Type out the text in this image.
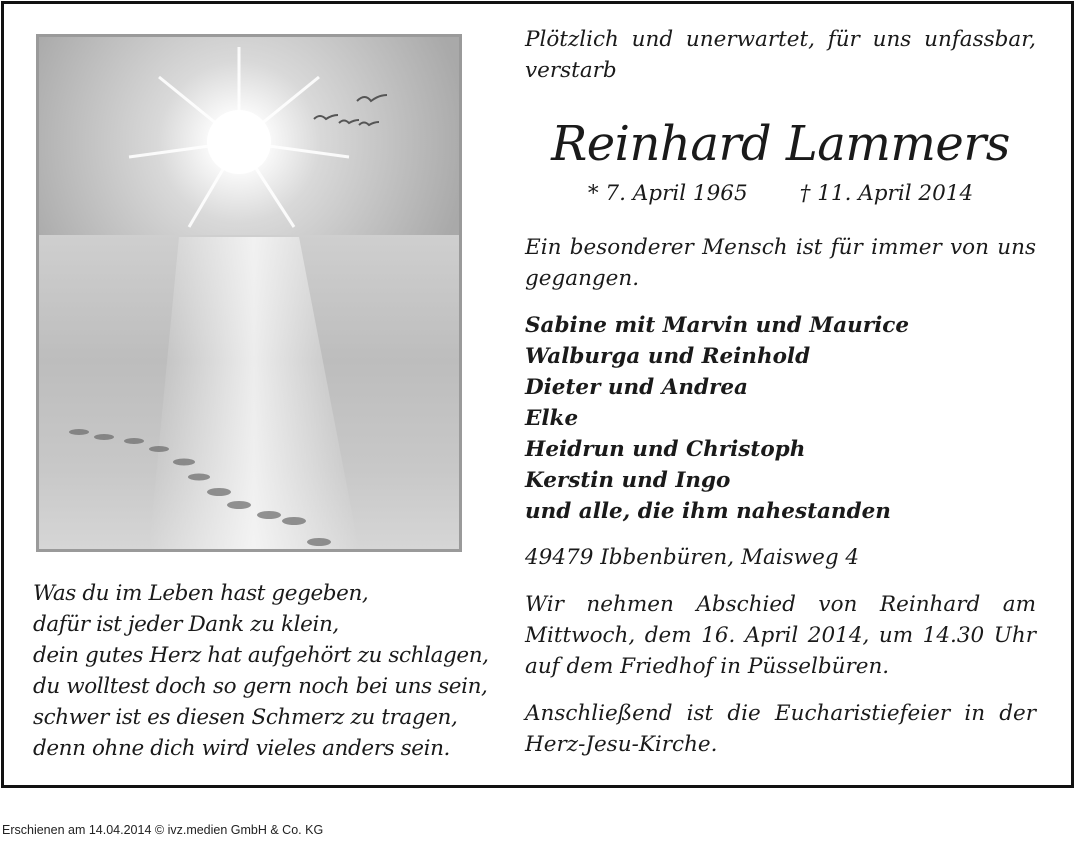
Was du im Leben hast gegeben,
dafür ist jeder Dank zu klein,
dein gutes Herz hat aufgehört zu schlagen,
du wolltest doch so gern noch bei uns sein,
schwer ist es diesen Schmerz zu tragen,
denn ohne dich wird vieles anders sein.
Plötzlich und unerwartet, für uns unfassbar, verstarb
Reinhard Lammers
* 7. April 1965 † 11. April 2014
Ein besonderer Mensch ist für immer von uns gegangen.
Sabine mit Marvin und Maurice
Walburga und Reinhold
Dieter und Andrea
Elke
Heidrun und Christoph
Kerstin und Ingo
und alle, die ihm nahestanden
49479 Ibbenbüren, Maisweg 4
Wir nehmen Abschied von Reinhard am Mittwoch, dem 16. April 2014, um 14.30 Uhr auf dem Friedhof in Püsselbüren.
Anschließend ist die Eucharistiefeier in der Herz-Jesu-Kirche.
Erschienen am 14.04.2014 © ivz.medien GmbH & Co. KG
